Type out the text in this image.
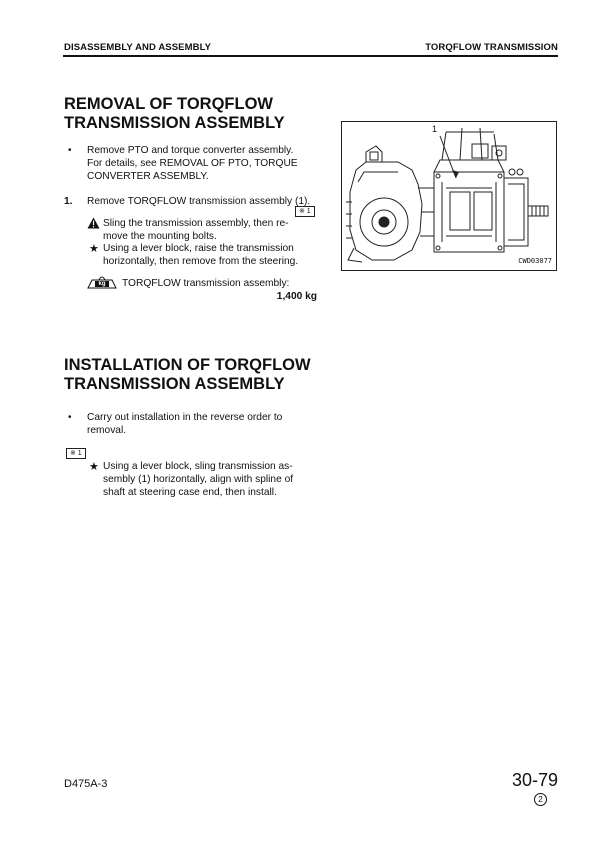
DISASSEMBLY AND ASSEMBLY	TORQFLOW TRANSMISSION
REMOVAL OF TORQFLOW
TRANSMISSION ASSEMBLY
• Remove PTO and torque converter assembly.
For details, see REMOVAL OF PTO, TORQUE
CONVERTER ASSEMBLY.
1. Remove TORQFLOW transmission assembly (1).
※ 1
Sling the transmission assembly, then re-
move the mounting bolts.
★ Using a lever block, raise the transmission
horizontally, then remove from the steering.
kg	TORQFLOW transmission assembly:
1,400 kg
1
CWD03077
INSTALLATION OF TORQFLOW
TRANSMISSION ASSEMBLY
• Carry out installation in the reverse order to
removal.
※ 1
★ Using a lever block, sling transmission as-
sembly (1) horizontally, align with spline of
shaft at steering case end, then install.
D475A-3	30-79
2
